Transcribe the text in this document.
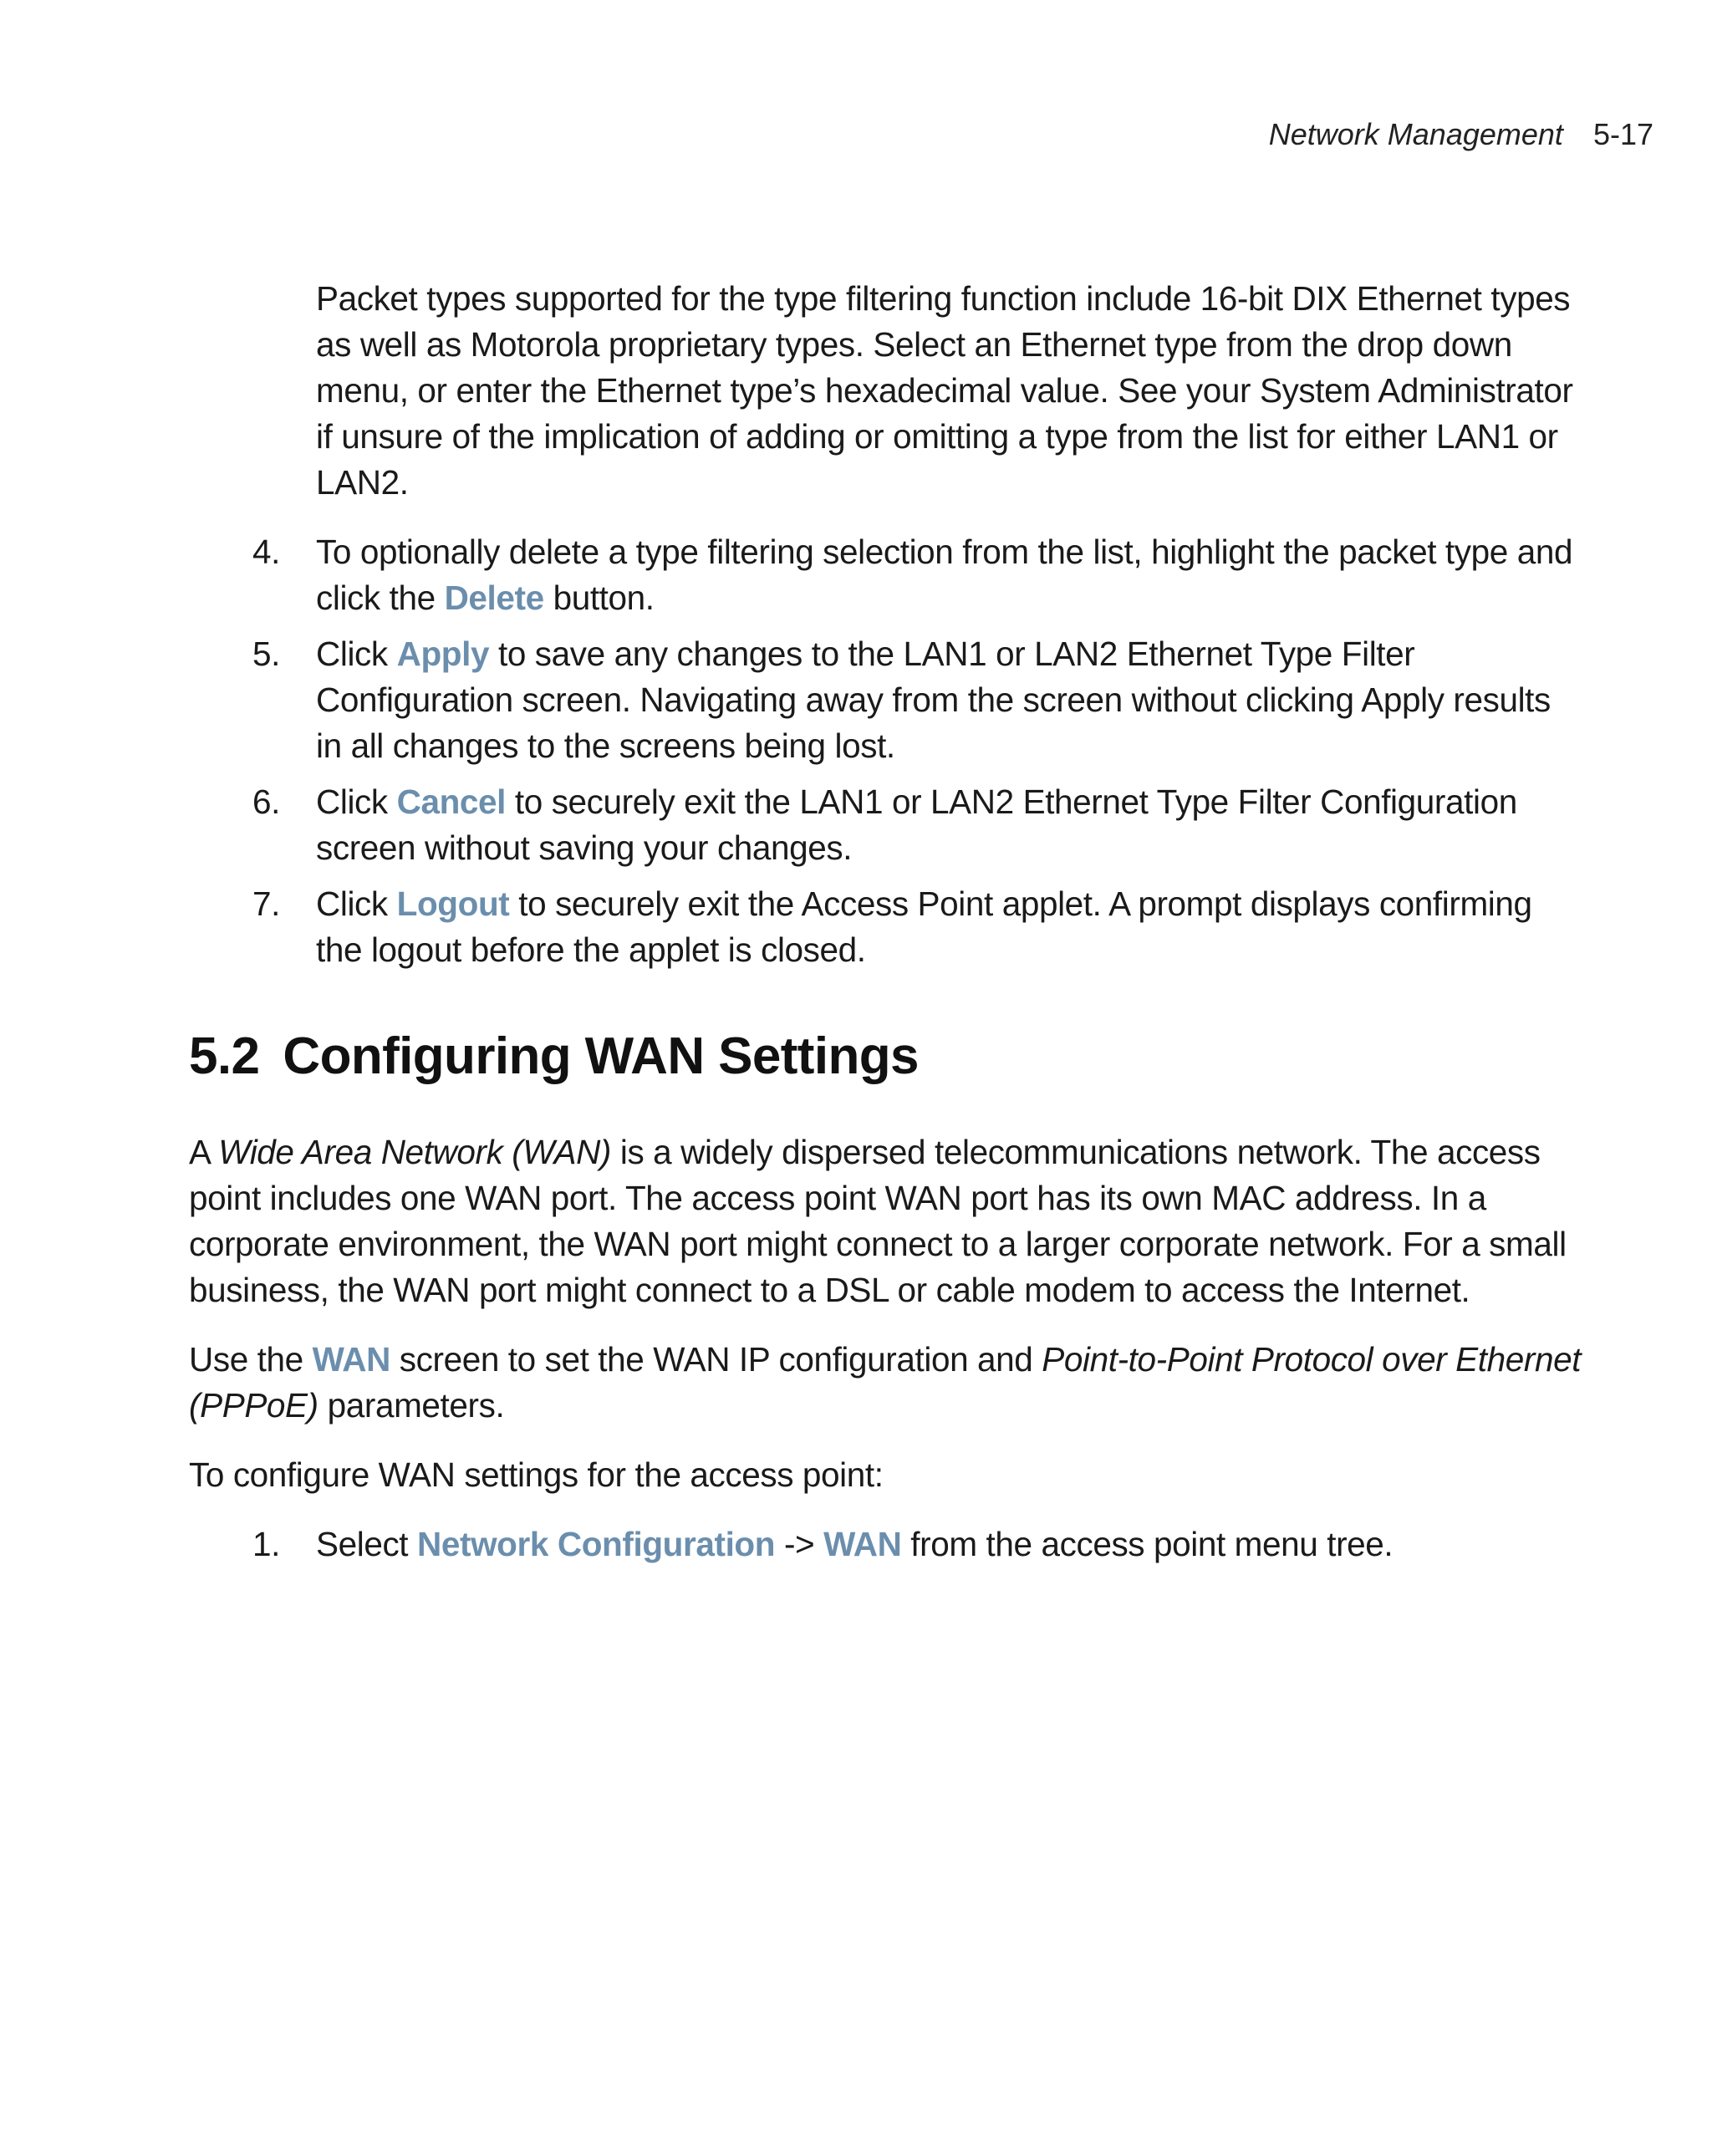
Network Management 5-17

Packet types supported for the type filtering function include 16-bit DIX Ethernet types as well as Motorola proprietary types. Select an Ethernet type from the drop down menu, or enter the Ethernet type’s hexadecimal value. See your System Administrator if unsure of the implication of adding or omitting a type from the list for either LAN1 or LAN2.

4. To optionally delete a type filtering selection from the list, highlight the packet type and click the Delete button.
5. Click Apply to save any changes to the LAN1 or LAN2 Ethernet Type Filter Configuration screen. Navigating away from the screen without clicking Apply results in all changes to the screens being lost.
6. Click Cancel to securely exit the LAN1 or LAN2 Ethernet Type Filter Configuration screen without saving your changes.
7. Click Logout to securely exit the Access Point applet. A prompt displays confirming the logout before the applet is closed.
5.2 Configuring WAN Settings

A Wide Area Network (WAN) is a widely dispersed telecommunications network. The access point includes one WAN port. The access point WAN port has its own MAC address. In a corporate environment, the WAN port might connect to a larger corporate network. For a small business, the WAN port might connect to a DSL or cable modem to access the Internet.

Use the WAN screen to set the WAN IP configuration and Point-to-Point Protocol over Ethernet (PPPoE) parameters.

To configure WAN settings for the access point:

1. Select Network Configuration -> WAN from the access point menu tree.
